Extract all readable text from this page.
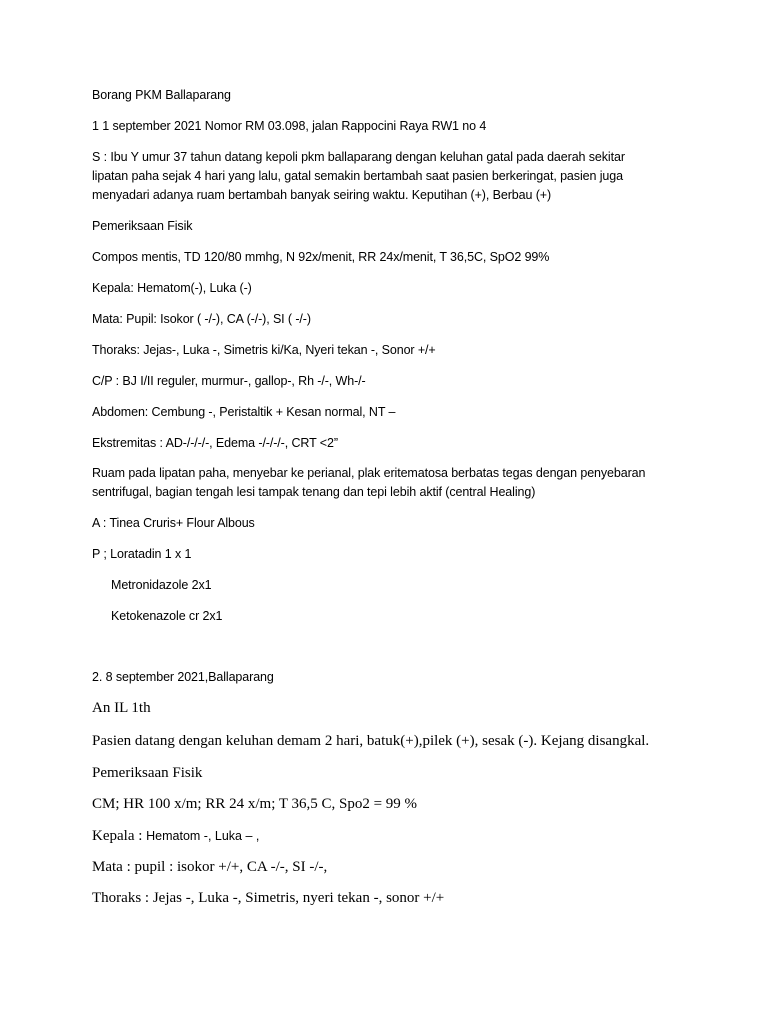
Borang PKM Ballaparang

1 1 september 2021 Nomor RM 03.098, jalan Rappocini Raya RW1 no 4

S : Ibu Y umur 37 tahun datang kepoli pkm ballaparang dengan keluhan gatal pada daerah sekitar

lipatan paha sejak 4 hari yang lalu, gatal semakin bertambah saat pasien berkeringat, pasien juga

menyadari adanya ruam bertambah banyak seiring waktu. Keputihan (+), Berbau (+)

Pemeriksaan Fisik

Compos mentis, TD 120/80 mmhg, N 92x/menit, RR 24x/menit, T 36,5C, SpO2 99%

Kepala: Hematom(-), Luka (-)

Mata: Pupil: Isokor ( -/-), CA (-/-), SI ( -/-)

Thoraks: Jejas-, Luka -, Simetris ki/Ka, Nyeri tekan -, Sonor +/+

C/P : BJ I/II reguler, murmur-, gallop-, Rh -/-, Wh-/-

Abdomen: Cembung -, Peristaltik + Kesan normal, NT –

Ekstremitas : AD-/-/-/-, Edema -/-/-/-, CRT <2”

Ruam pada lipatan paha, menyebar ke perianal, plak eritematosa berbatas tegas dengan penyebaran

sentrifugal, bagian tengah lesi tampak tenang dan tepi lebih aktif (central Healing)

A : Tinea Cruris+ Flour Albous

P ; Loratadin 1 x 1

Metronidazole 2x1

Ketokenazole cr 2x1

2. 8 september 2021,Ballaparang

An IL 1th

Pasien datang dengan keluhan demam 2 hari, batuk(+),pilek (+), sesak (-). Kejang disangkal.

Pemeriksaan Fisik

CM; HR 100 x/m; RR 24 x/m; T 36,5 C, Spo2 = 99 %

Kepala : Hematom -, Luka – ,

Mata : pupil : isokor +/+, CA -/-, SI -/-,

Thoraks : Jejas -, Luka -, Simetris, nyeri tekan -, sonor +/+
